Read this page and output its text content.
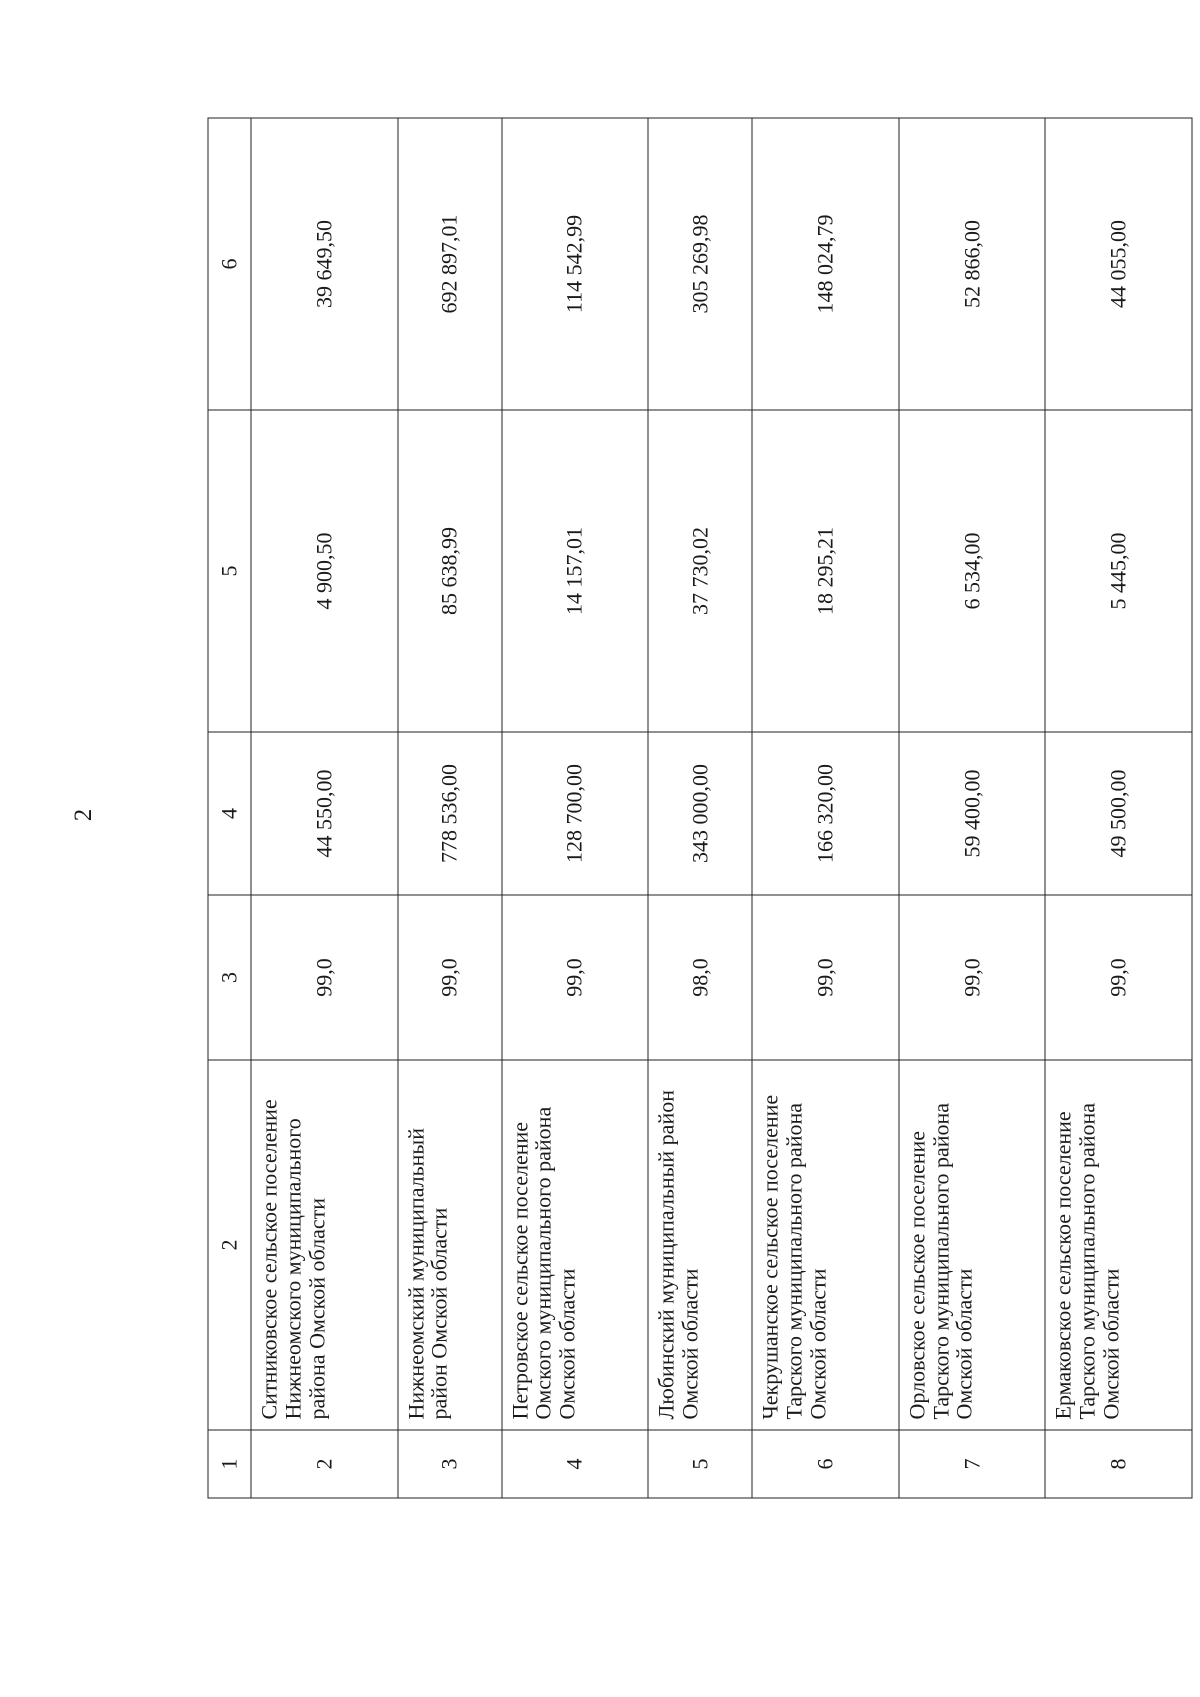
2
1	2	3	4	5	6
2	Ситниковское сельское поселение Нижнеомского муниципального района Омской области	99,0	44 550,00	4 900,50	39 649,50
3	Нижнеомский муниципальный район Омской области	99,0	778 536,00	85 638,99	692 897,01
4	Петровское сельское поселение Омского муниципального района Омской области	99,0	128 700,00	14 157,01	114 542,99
5	Любинский муниципальный район Омской области	98,0	343 000,00	37 730,02	305 269,98
6	Чекрушанское сельское поселение Тарского муниципального района Омской области	99,0	166 320,00	18 295,21	148 024,79
7	Орловское сельское поселение Тарского муниципального района Омской области	99,0	59 400,00	6 534,00	52 866,00
8	Ермаковское сельское поселение Тарского муниципального района Омской области	99,0	49 500,00	5 445,00	44 055,00
